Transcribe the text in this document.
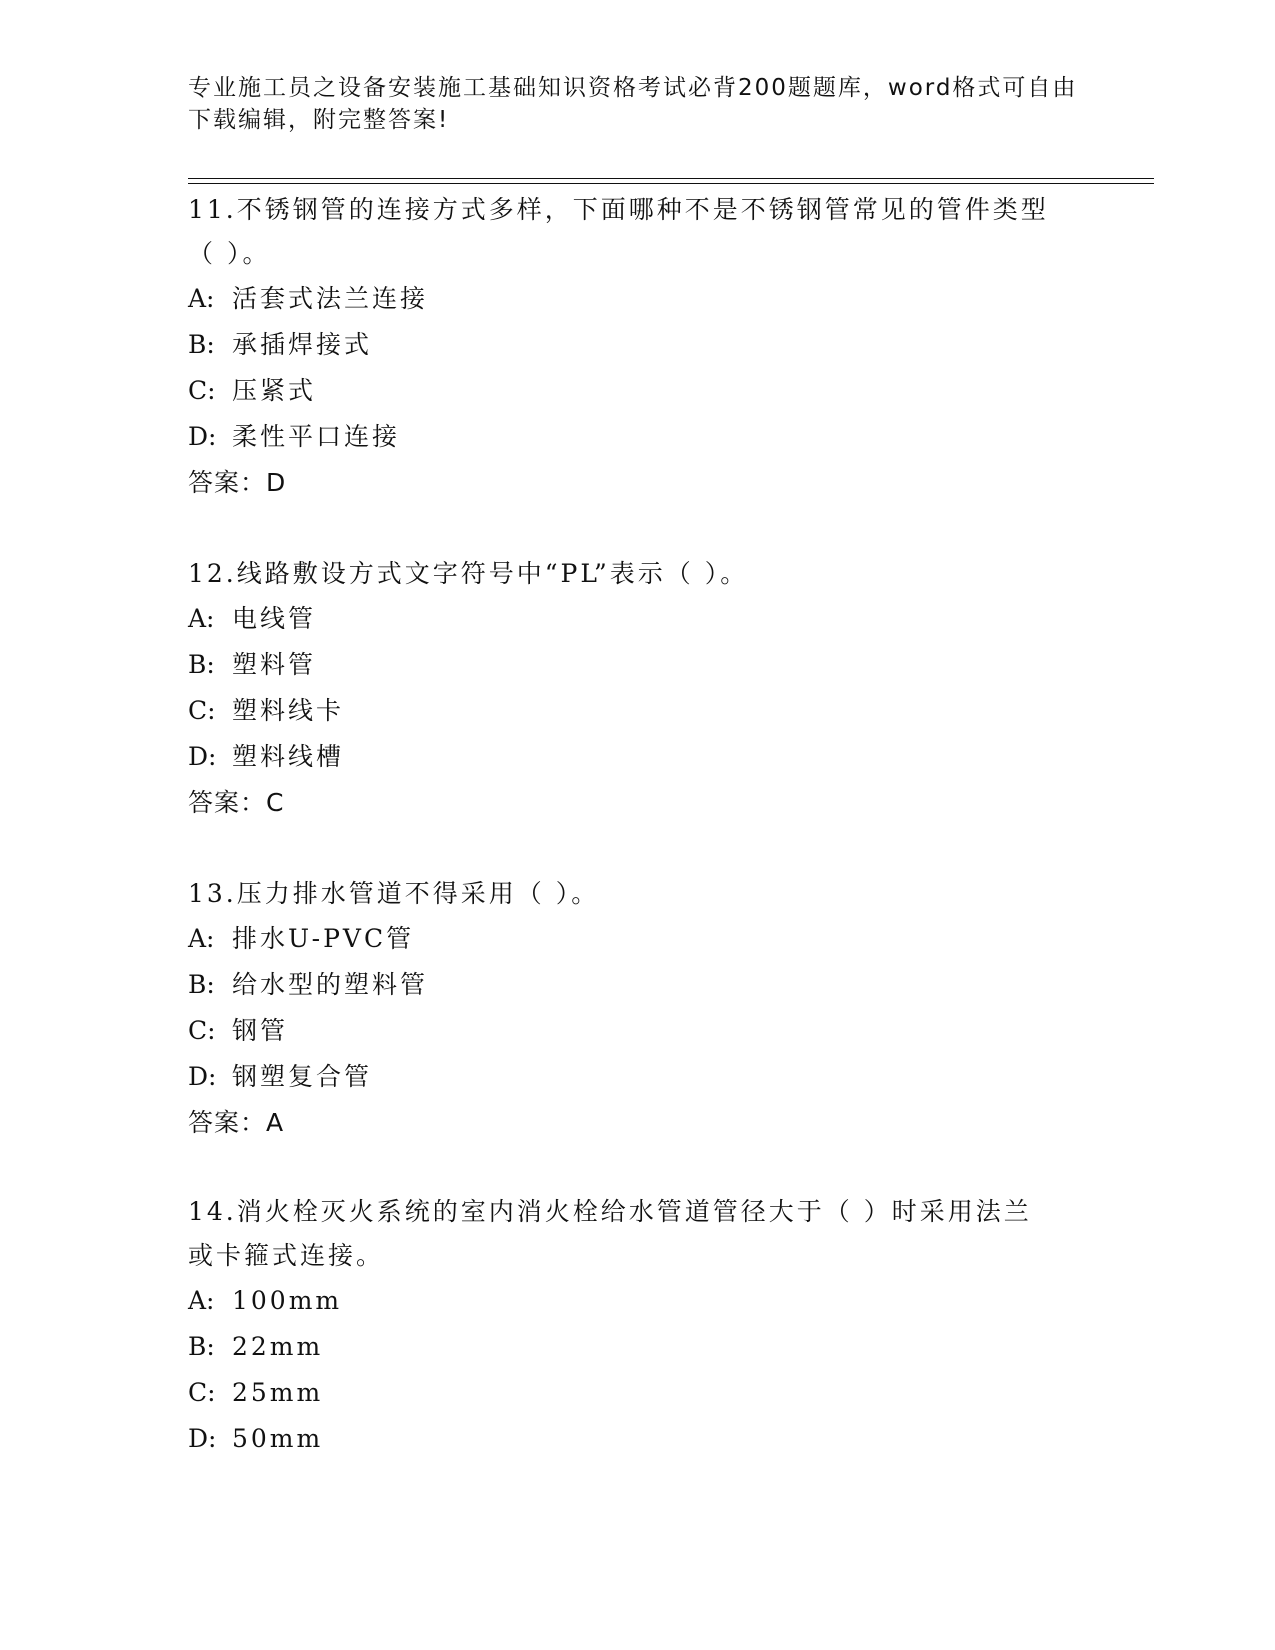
专业施工员之设备安装施工基础知识资格考试必背200题题库，word格式可自由
下载编辑，附完整答案!
11.不锈钢管的连接方式多样，下面哪种不是不锈钢管常见的管件类型
（ ）。
A: 活套式法兰连接
B: 承插焊接式
C: 压紧式
D: 柔性平口连接
答案：D
12.线路敷设方式文字符号中“PL”表示（ ）。
A: 电线管
B: 塑料管
C: 塑料线卡
D: 塑料线槽
答案：C
13.压力排水管道不得采用（ ）。
A: 排水U-PVC管
B: 给水型的塑料管
C: 钢管
D: 钢塑复合管
答案：A
14.消火栓灭火系统的室内消火栓给水管道管径大于（ ）时采用法兰
或卡箍式连接。
A: 100mm
B: 22mm
C: 25mm
D: 50mm
